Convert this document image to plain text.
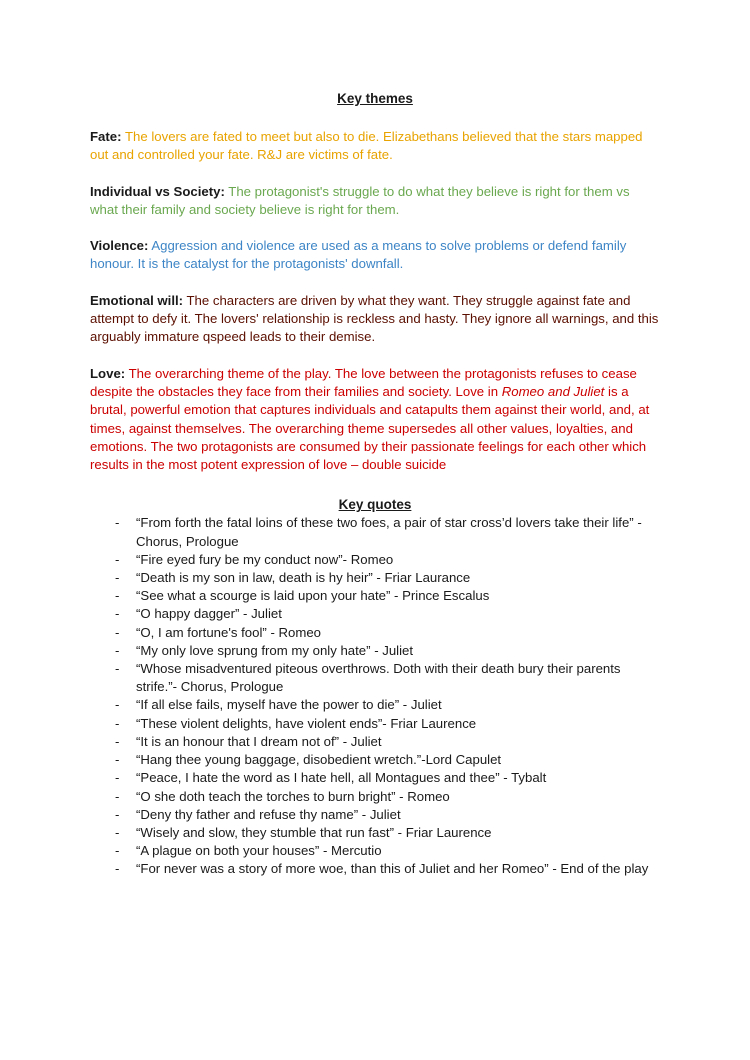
Key themes

Fate: The lovers are fated to meet but also to die. Elizabethans believed that the stars mapped out and controlled your fate. R&J are victims of fate.

Individual vs Society: The protagonist's struggle to do what they believe is right for them vs what their family and society believe is right for them.

Violence: Aggression and violence are used as a means to solve problems or defend family honour. It is the catalyst for the protagonists' downfall.

Emotional will: The characters are driven by what they want. They struggle against fate and attempt to defy it. The lovers' relationship is reckless and hasty. They ignore all warnings, and this arguably immature qspeed leads to their demise.

Love: The overarching theme of the play. The love between the protagonists refuses to cease despite the obstacles they face from their families and society. Love in Romeo and Juliet is a brutal, powerful emotion that captures individuals and catapults them against their world, and, at times, against themselves. The overarching theme supersedes all other values, loyalties, and emotions. The two protagonists are consumed by their passionate feelings for each other which results in the most potent expression of love – double suicide

Key quotes
- “From forth the fatal loins of these two foes, a pair of star cross’d lovers take their life” - Chorus, Prologue
- “Fire eyed fury be my conduct now”- Romeo
- “Death is my son in law, death is hy heir” - Friar Laurance
- “See what a scourge is laid upon your hate” - Prince Escalus
- “O happy dagger” - Juliet
- “O, I am fortune's fool” - Romeo
- “My only love sprung from my only hate” - Juliet
- “Whose misadventured piteous overthrows. Doth with their death bury their parents strife.”- Chorus, Prologue
- “If all else fails, myself have the power to die” - Juliet
- “These violent delights, have violent ends”- Friar Laurence
- “It is an honour that I dream not of” - Juliet
- “Hang thee young baggage, disobedient wretch.”-Lord Capulet
- “Peace, I hate the word as I hate hell, all Montagues and thee” - Tybalt
- “O she doth teach the torches to burn bright” - Romeo
- “Deny thy father and refuse thy name” - Juliet
- “Wisely and slow, they stumble that run fast” - Friar Laurence
- “A plague on both your houses” - Mercutio
- “For never was a story of more woe, than this of Juliet and her Romeo” - End of the play
